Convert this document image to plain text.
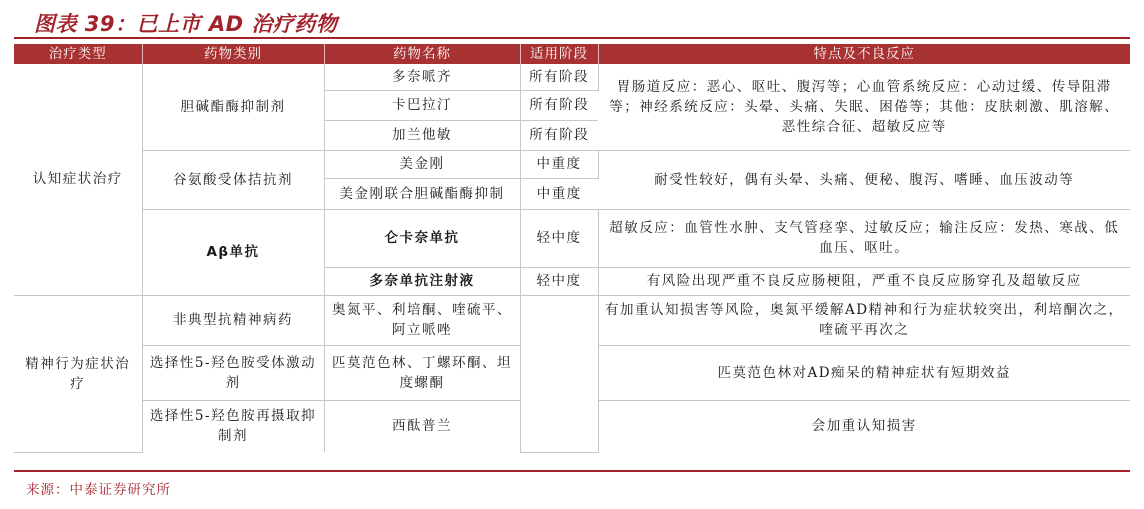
图表 39：已上市 AD 治疗药物
治疗类型	药物类别	药物名称	适用阶段	特点及不良反应
认知症状治疗	胆碱酯酶抑制剂	多奈哌齐	所有阶段	胃肠道反应：恶心、呕吐、腹泻等；心血管系统反应：心动过缓、传导阻滞等；神经系统反应：头晕、头痛、失眠、困倦等；其他：皮肤刺激、肌溶解、恶性综合征、超敏反应等
		卡巴拉汀	所有阶段	
		加兰他敏	所有阶段	
	谷氨酸受体拮抗剂	美金刚	中重度	耐受性较好，偶有头晕、头痛、便秘、腹泻、嗜睡、血压波动等
		美金刚联合胆碱酯酶抑制	中重度	
	Aβ单抗	仑卡奈单抗	轻中度	超敏反应：血管性水肿、支气管痉挛、过敏反应；输注反应：发热、寒战、低血压、呕吐。
		多奈单抗注射液	轻中度	有风险出现严重不良反应肠梗阻，严重不良反应肠穿孔及超敏反应
精神行为症状治疗	非典型抗精神病药	奥氮平、利培酮、喹硫平、阿立哌唑		有加重认知损害等风险，奥氮平缓解AD精神和行为症状较突出，利培酮次之，喹硫平再次之
	选择性5-羟色胺受体激动剂	匹莫范色林、丁螺环酮、坦度螺酮		匹莫范色林对AD痴呆的精神症状有短期效益
	选择性5-羟色胺再摄取抑制剂	西酞普兰		会加重认知损害
来源：中泰证券研究所
